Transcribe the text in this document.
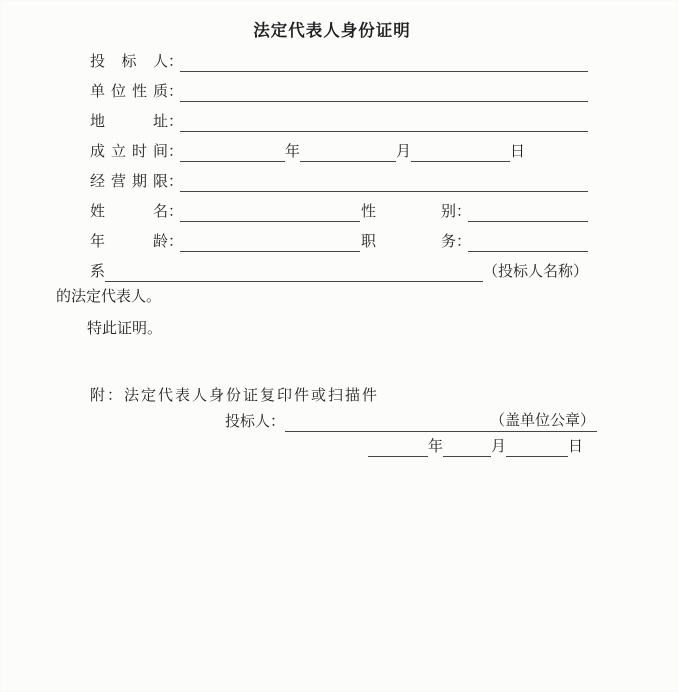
法定代表人身份证明
投标人 ：
单位性质 ：
地址 ：
成立时间 ：	年	月	日
经营期限 ：
姓名 ：	性别 ：
年龄 ：	职务 ：
系	（投标人名称）
的法定代表人。
特此证明。
附：法定代表人身份证复印件或扫描件
投标人：	（盖单位公章）
年	月	日
